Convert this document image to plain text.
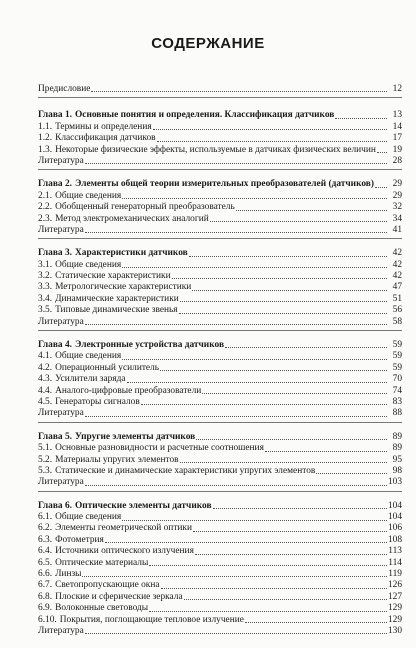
СОДЕРЖАНИЕ
Предисловие	12
Глава 1. Основные понятия и определения. Классификация датчиков	13
1.1. Термины и определения	14
1.2. Классификация датчиков	17
1.3. Некоторые физические эффекты, используемые в датчиках физических величин	19
Литература	28
Глава 2. Элементы общей теории измерительных преобразователей (датчиков)	29
2.1. Общие сведения	29
2.2. Обобщенный генераторный преобразователь	32
2.3. Метод электромеханических аналогий	34
Литература	41
Глава 3. Характеристики датчиков	42
3.1. Общие сведения	42
3.2. Статические характеристики	42
3.3. Метрологические характеристики	47
3.4. Динамические характеристики	51
3.5. Типовые динамические звенья	56
Литература	58
Глава 4. Электронные устройства датчиков	59
4.1. Общие сведения	59
4.2. Операционный усилитель	59
4.3. Усилители заряда	70
4.4. Аналого-цифровые преобразователи	74
4.5. Генераторы сигналов	83
Литература	88
Глава 5. Упругие элементы датчиков	89
5.1. Основные разновидности и расчетные соотношения	89
5.2. Материалы упругих элементов	95
5.3. Статические и динамические характеристики упругих элементов	98
Литература	103
Глава 6. Оптические элементы датчиков	104
6.1. Общие сведения	104
6.2. Элементы геометрической оптики	106
6.3. Фотометрия	108
6.4. Источники оптического излучения	113
6.5. Оптические материалы	114
6.6. Линзы	119
6.7. Светопропускающие окна	126
6.8. Плоские и сферические зеркала	127
6.9. Волоконные световоды	129
6.10. Покрытия, поглощающие тепловое излучение	129
Литература	130
